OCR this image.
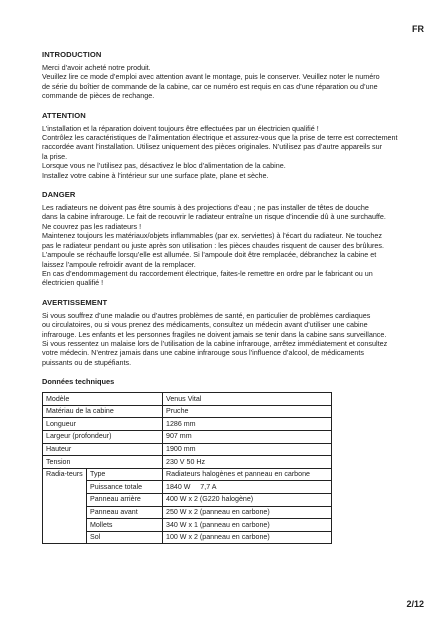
FR
INTRODUCTION
Merci d’avoir acheté notre produit.
Veuillez lire ce mode d’emploi avec attention avant le montage, puis le conserver. Veuillez noter le numéro
de série du boîtier de commande de la cabine, car ce numéro est requis en cas d’une réparation ou d’une
commande de pièces de rechange.
ATTENTION
L’installation et la réparation doivent toujours être effectuées par un électricien qualifié !
Contrôlez les caractéristiques de l’alimentation électrique et assurez-vous que la prise de terre est correctement
raccordée avant l’installation. Utilisez uniquement des pièces originales. N’utilisez pas d’autre appareils sur
la prise.
Lorsque vous ne l’utilisez pas, désactivez le bloc d’alimentation de la cabine.
Installez votre cabine à l’intérieur sur une surface plate, plane et sèche.
DANGER
Les radiateurs ne doivent pas être soumis à des projections d’eau ; ne pas installer de têtes de douche
dans la cabine infrarouge. Le fait de recouvrir le radiateur entraîne un risque d’incendie dû à une surchauffe.
Ne couvrez pas les radiateurs !
Maintenez toujours les matériaux/objets inflammables (par ex. serviettes) à l’écart du radiateur. Ne touchez
pas le radiateur pendant ou juste après son utilisation : les pièces chaudes risquent de causer des brûlures.
L’ampoule se réchauffe lorsqu’elle est allumée. Si l’ampoule doit être remplacée, débranchez la cabine et
laissez l’ampoule refroidir avant de la remplacer.
En cas d’endommagement du raccordement électrique, faites-le remettre en ordre par le fabricant ou un
électricien qualifié !
AVERTISSEMENT
Si vous souffrez d’une maladie ou d’autres problèmes de santé, en particulier de problèmes cardiaques
ou circulatoires, ou si vous prenez des médicaments, consultez un médecin avant d’utiliser une cabine
infrarouge. Les enfants et les personnes fragiles ne doivent jamais se tenir dans la cabine sans surveillance.
Si vous ressentez un malaise lors de l’utilisation de la cabine infrarouge, arrêtez immédiatement et consultez
votre médecin. N’entrez jamais dans une cabine infrarouge sous l’influence d’alcool, de médicaments
puissants ou de stupéfiants.
Données techniques
Modèle		Venus Vital
Matériau de la cabine		Pruche
Longueur		1286 mm
Largeur (profondeur)		907 mm
Hauteur		1900 mm
Tension		230 V 50 Hz
Radia-teurs	Type	Radiateurs halogènes et panneau en carbone
	Puissance totale	1840 W     7,7 A
	Panneau arrière	400 W x 2 (G220 halogène)
	Panneau avant	250 W x 2 (panneau en carbone)
	Mollets	340 W x 1 (panneau en carbone)
	Sol	100 W x 2 (panneau en carbone)
2/12
